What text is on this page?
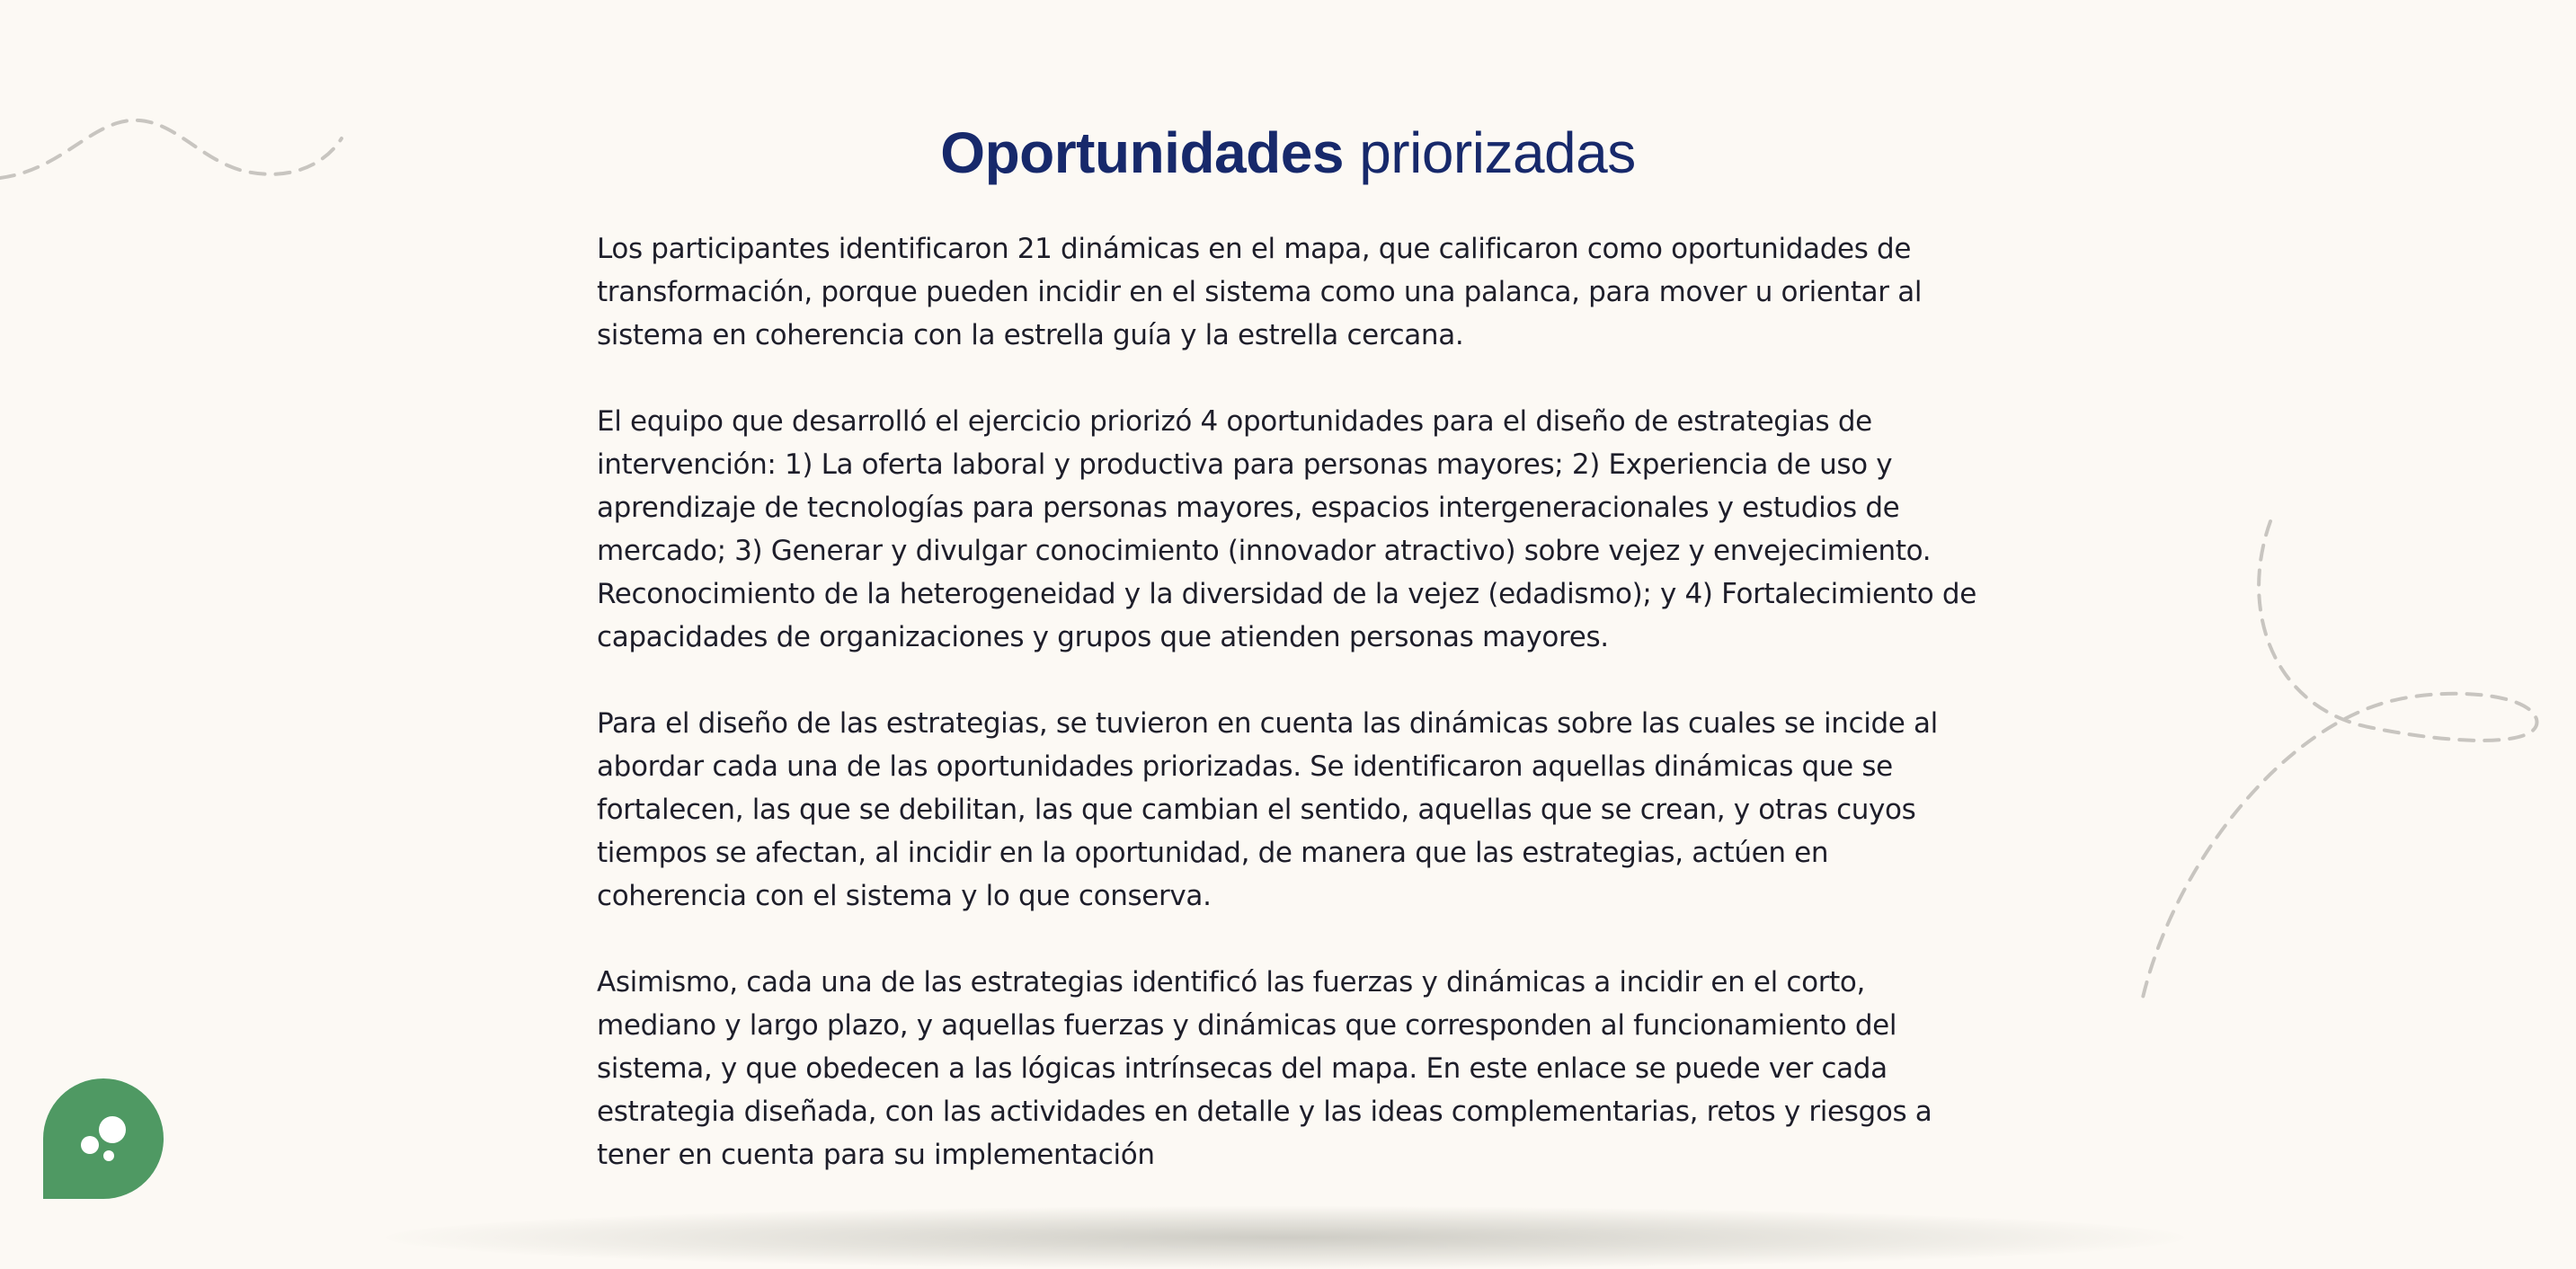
Oportunidades priorizadas

Los participantes identificaron 21 dinámicas en el mapa, que calificaron como oportunidades de transformación, porque pueden incidir en el sistema como una palanca, para mover u orientar al sistema en coherencia con la estrella guía y la estrella cercana.

El equipo que desarrolló el ejercicio priorizó 4 oportunidades para el diseño de estrategias de intervención: 1) La oferta laboral y productiva para personas mayores; 2) Experiencia de uso y aprendizaje de tecnologías para personas mayores, espacios intergeneracionales y estudios de mercado; 3) Generar y divulgar conocimiento (innovador atractivo) sobre vejez y envejecimiento. Reconocimiento de la heterogeneidad y la diversidad de la vejez (edadismo); y 4) Fortalecimiento de capacidades de organizaciones y grupos que atienden personas mayores.

Para el diseño de las estrategias, se tuvieron en cuenta las dinámicas sobre las cuales se incide al abordar cada una de las oportunidades priorizadas. Se identificaron aquellas dinámicas que se fortalecen, las que se debilitan, las que cambian el sentido, aquellas que se crean, y otras cuyos tiempos se afectan, al incidir en la oportunidad, de manera que las estrategias, actúen en coherencia con el sistema y lo que conserva.

Asimismo, cada una de las estrategias identificó las fuerzas y dinámicas a incidir en el corto, mediano y largo plazo, y aquellas fuerzas y dinámicas que corresponden al funcionamiento del sistema, y que obedecen a las lógicas intrínsecas del mapa. En este enlace se puede ver cada estrategia diseñada, con las actividades en detalle y las ideas complementarias, retos y riesgos a tener en cuenta para su implementación
